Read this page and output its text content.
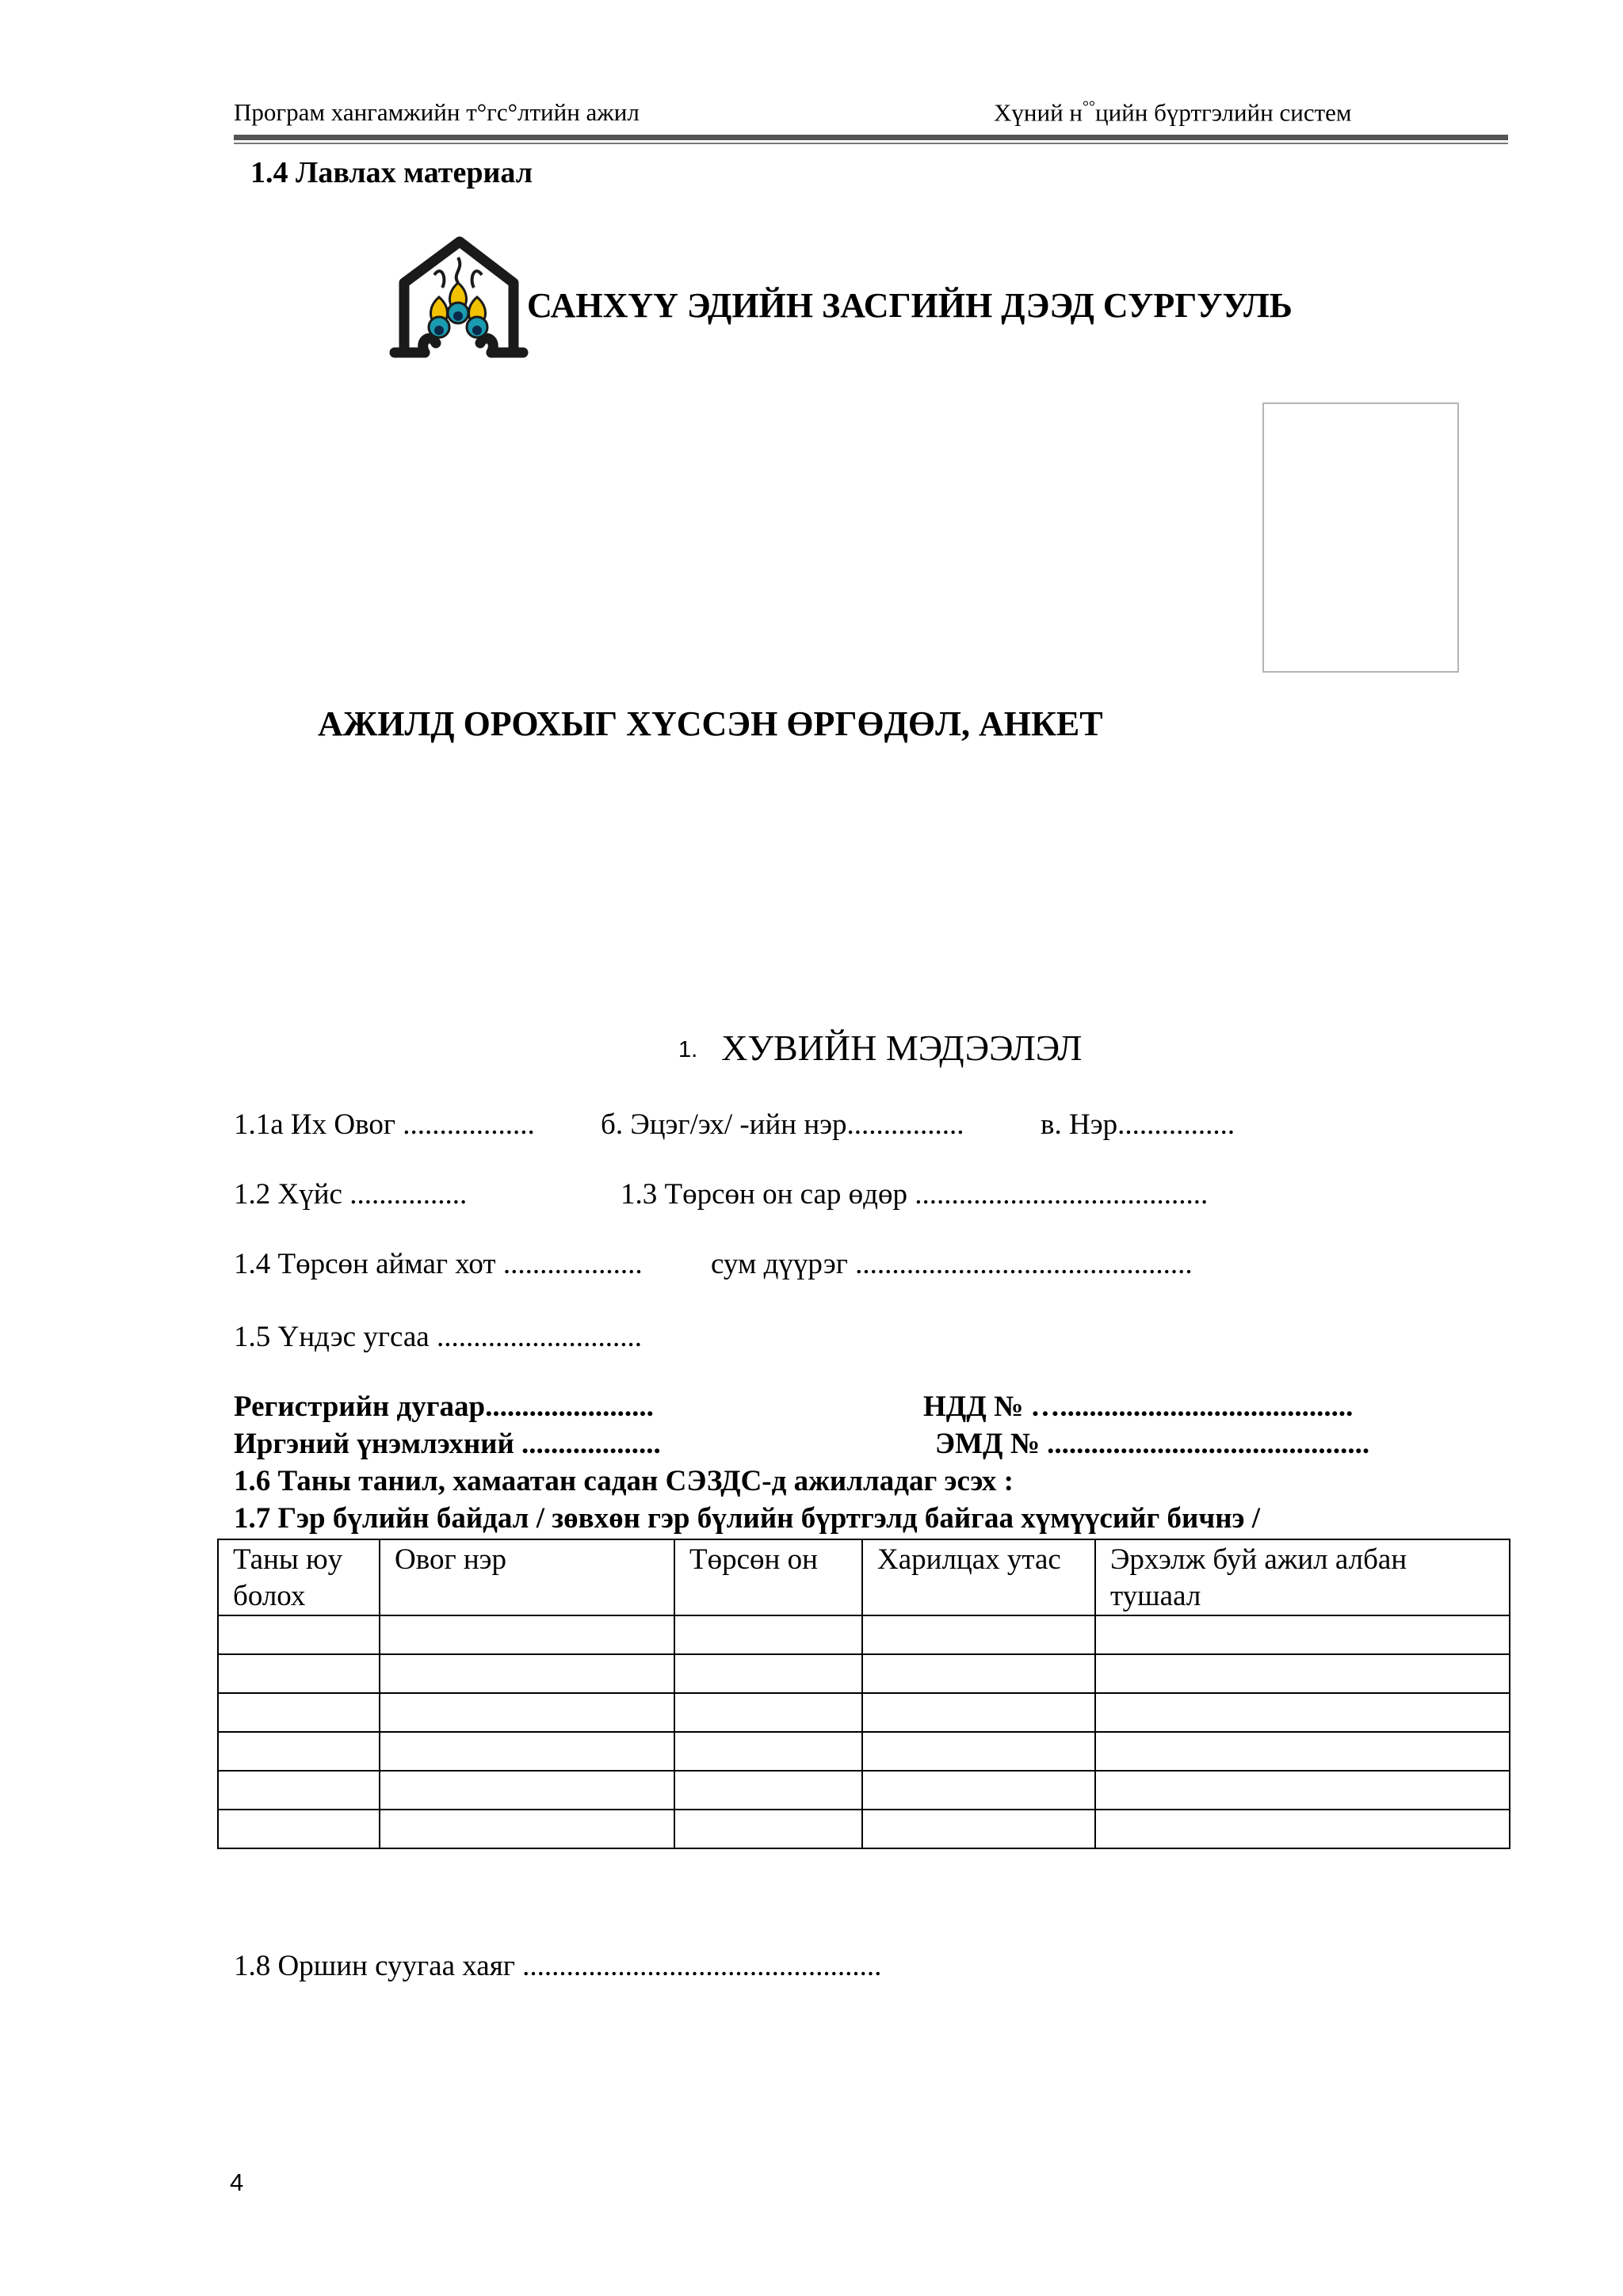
Програм хангамжийн т°гс°лтийн ажил	Хүний н°°цийн бүртгэлийн систем
1.4 Лавлах материал
САНХҮҮ ЭДИЙН ЗАСГИЙН ДЭЭД СУРГУУЛЬ
АЖИЛД ОРОХЫГ ХҮССЭН ӨРГӨДӨЛ, АНКЕТ
1. ХУВИЙН МЭДЭЭЛЭЛ
1.1а Их Овог .................. б. Эцэг/эх/ -ийн нэр................	в. Нэр................
1.2 Хүйс ................	1.3 Төрсөн он сар өдөр ........................................
1.4 Төрсөн аймаг хот ................... сум дүүрэг ..............................................
1.5 Үндэс угсаа ............................
Регистрийн дугаар.......................	НДД № …........................................
Иргэний үнэмлэхний ...................	ЭМД № ............................................
1.6 Таны танил, хамаатан садан СЭЗДС-д ажилладаг эсэх :
1.7 Гэр бүлийн байдал / зөвхөн гэр бүлийн бүртгэлд байгаа хүмүүсийг бичнэ /
Таны юу болох	Овог нэр	Төрсөн он	Харилцах утас	Эрхэлж буй ажил албан тушаал

1.8 Оршин суугаа хаяг .................................................
4
